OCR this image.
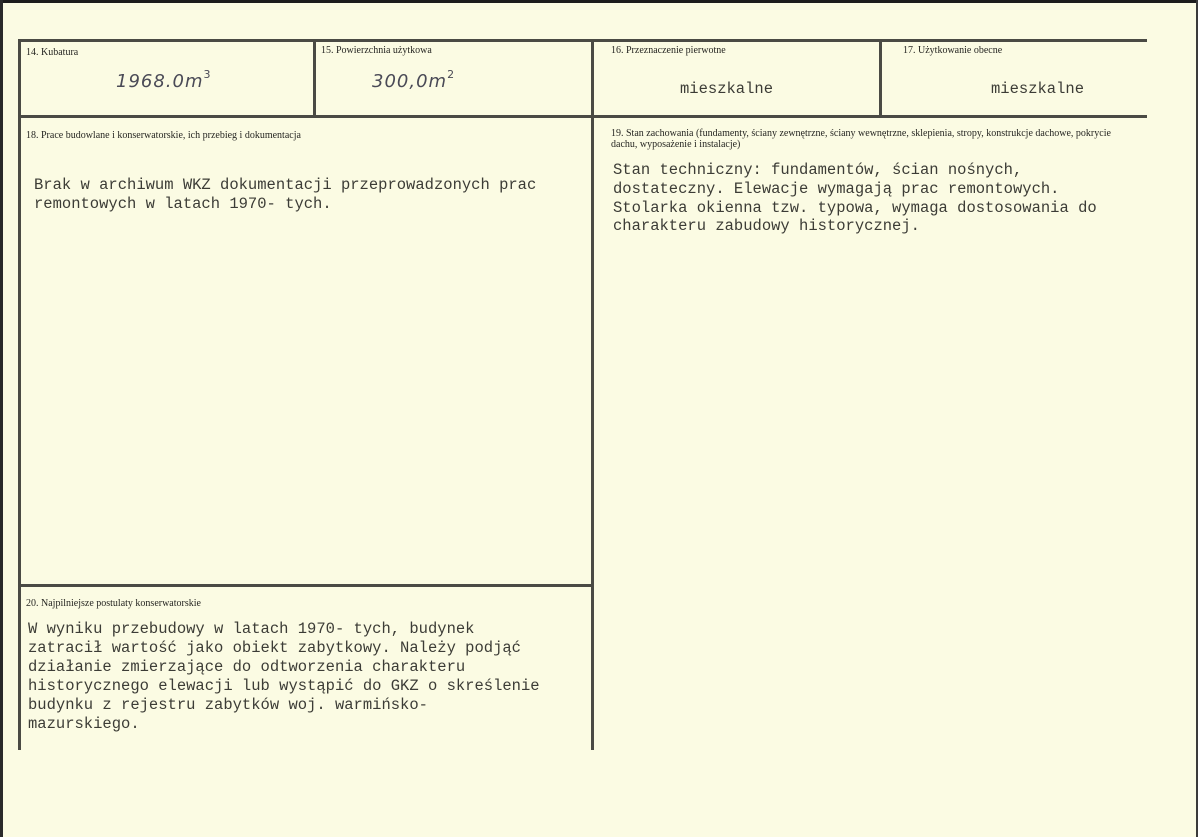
14. Kubatura
$1968.0m^3$
15. Powierzchnia użytkowa
$300,0m^2$
16. Przeznaczenie pierwotne
mieszkalne
17. Użytkowanie obecne
mieszkalne
18. Prace budowlane i konserwatorskie, ich przebieg i dokumentacja
Brak w archiwum WKZ dokumentacji przeprowadzonych prac
remontowych w latach 1970- tych.
19. Stan zachowania (fundamenty, ściany zewnętrzne, ściany wewnętrzne, sklepienia, stropy, konstrukcje dachowe, pokrycie dachu, wyposażenie i instalacje)
Stan techniczny: fundamentów, ścian nośnych,
dostateczny. Elewacje wymagają prac remontowych.
Stolarka okienna tzw. typowa, wymaga dostosowania do
charakteru zabudowy historycznej.
20. Najpilniejsze postulaty konserwatorskie
W wyniku przebudowy w latach 1970- tych, budynek
zatracił wartość jako obiekt zabytkowy. Należy podjąć
działanie zmierzające do odtworzenia charakteru
historycznego elewacji lub wystąpić do GKZ o skreślenie
budynku z rejestru zabytków woj. warmińsko-
mazurskiego.
